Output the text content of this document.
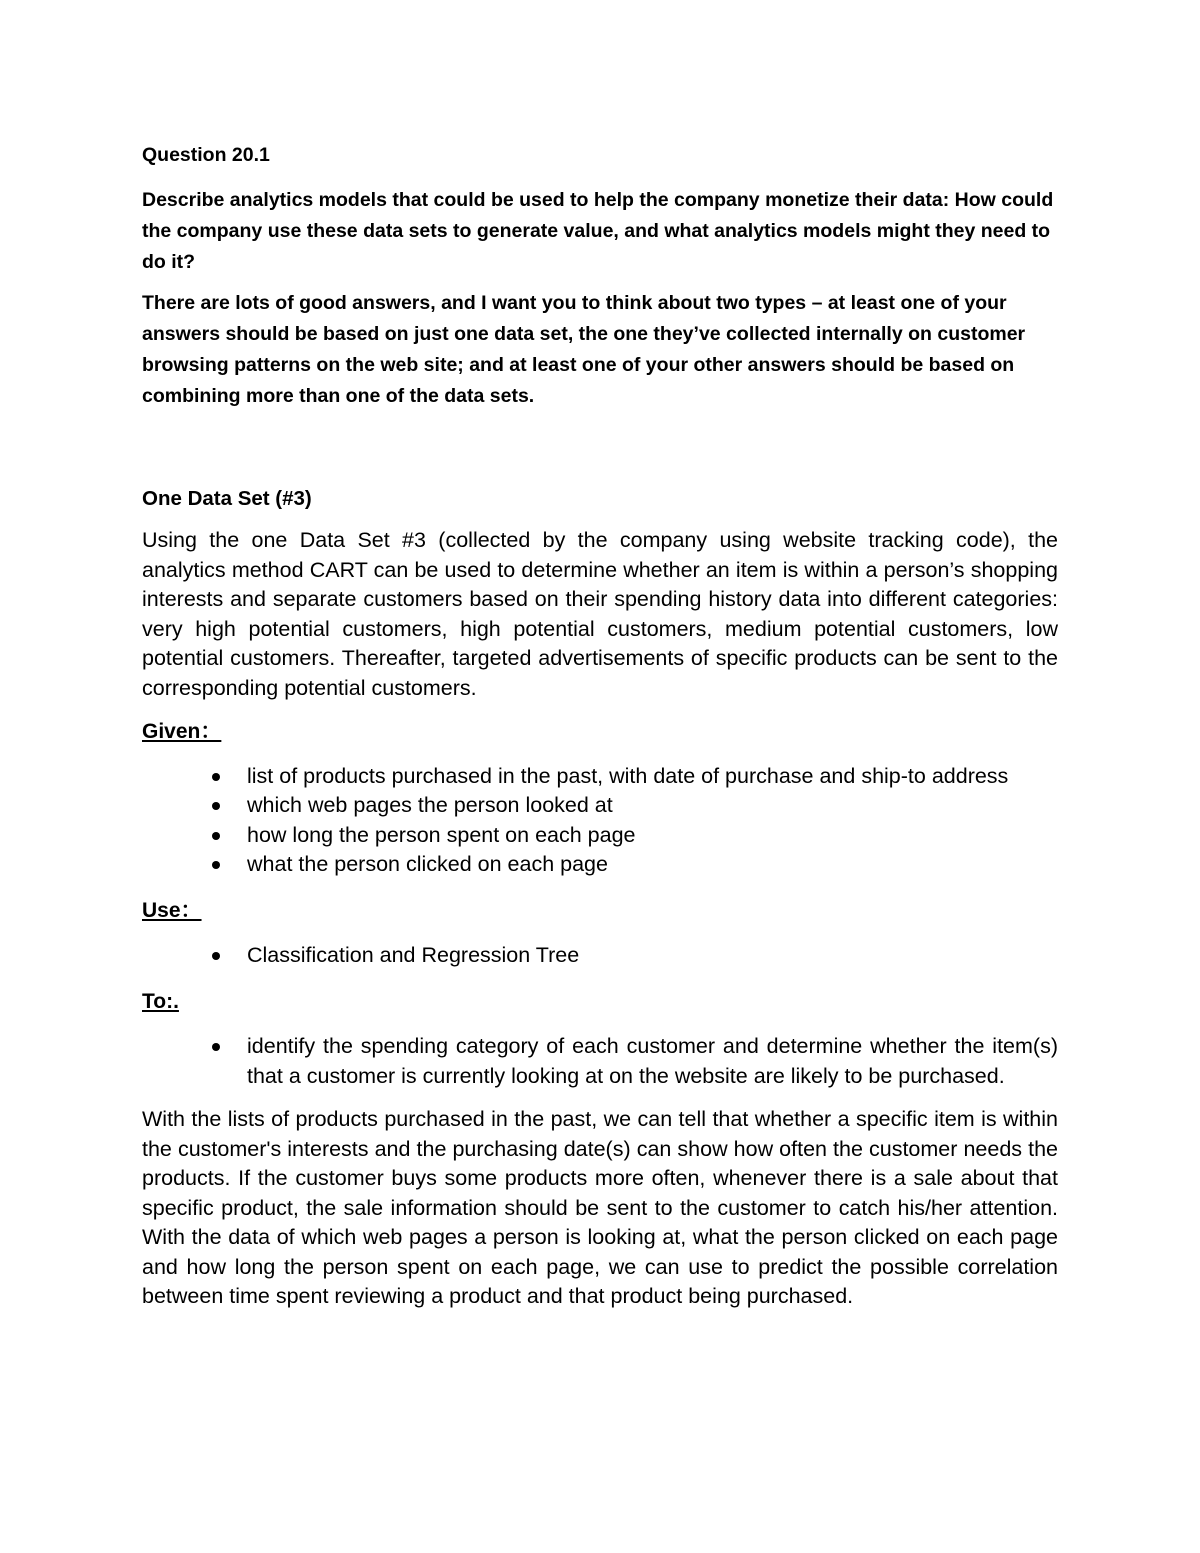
Question 20.1

Describe analytics models that could be used to help the company monetize their data: How could the company use these data sets to generate value, and what analytics models might they need to do it?

There are lots of good answers, and I want you to think about two types – at least one of your answers should be based on just one data set, the one they’ve collected internally on customer browsing patterns on the web site; and at least one of your other answers should be based on combining more than one of the data sets.

One Data Set (#3)

Using the one Data Set #3 (collected by the company using website tracking code), the analytics method CART can be used to determine whether an item is within a person’s shopping interests and separate customers based on their spending history data into different categories: very high potential customers, high potential customers, medium potential customers, low potential customers. Thereafter, targeted advertisements of specific products can be sent to the corresponding potential customers.

Given：

list of products purchased in the past, with date of purchase and ship-to address
which web pages the person looked at
how long the person spent on each page
what the person clicked on each page

Use：

Classification and Regression Tree

To:.

identify the spending category of each customer and determine whether the item(s) that a customer is currently looking at on the website are likely to be purchased.

With the lists of products purchased in the past, we can tell that whether a specific item is within the customer's interests and the purchasing date(s) can show how often the customer needs the products. If the customer buys some products more often, whenever there is a sale about that specific product, the sale information should be sent to the customer to catch his/her attention. With the data of which web pages a person is looking at, what the person clicked on each page and how long the person spent on each page, we can use to predict the possible correlation between time spent reviewing a product and that product being purchased.
